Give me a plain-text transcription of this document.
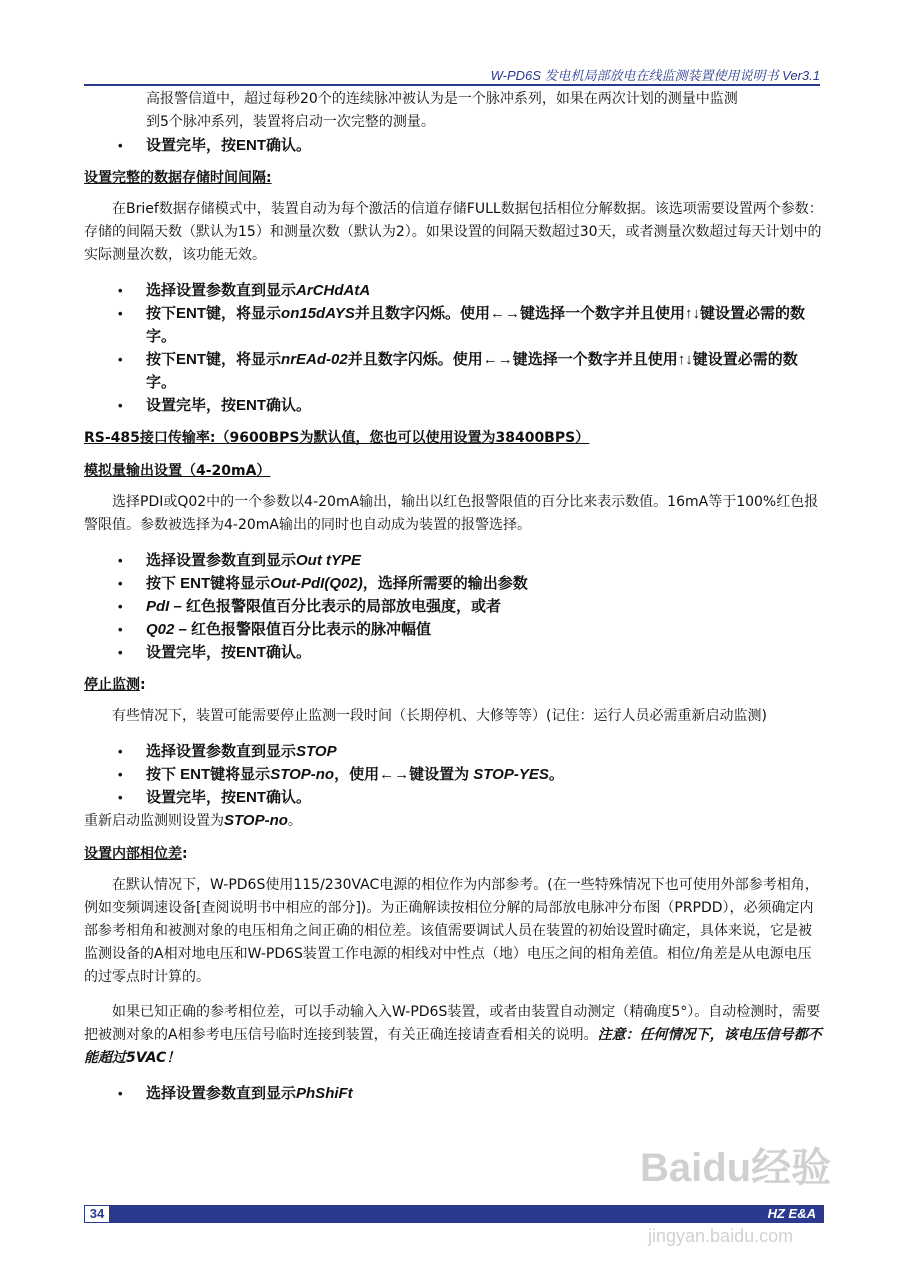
W-PD6S 发电机局部放电在线监测装置使用说明书 Ver3.1

高报警信道中，超过每秒20个的连续脉冲被认为是一个脉冲系列，如果在两次计划的测量中监测

到5个脉冲系列，装置将启动一次完整的测量。

• 设置完毕，按ENT确认。

设置完整的数据存储时间间隔:

在Brief数据存储模式中，装置自动为每个激活的信道存储FULL数据包括相位分解数据。该选项需要设置两个参数：存储的间隔天数（默认为15）和测量次数（默认为2）。如果设置的间隔天数超过30天，或者测量次数超过每天计划中的实际测量次数，该功能无效。

• 选择设置参数直到显示ArCHdAtA
• 按下ENT键，将显示on15dAYS并且数字闪烁。使用←→键选择一个数字并且使用↑↓键设置必需的数字。
• 按下ENT键，将显示nrEAd-02并且数字闪烁。使用←→键选择一个数字并且使用↑↓键设置必需的数字。
• 设置完毕，按ENT确认。

RS-485接口传输率:（9600BPS为默认值，您也可以使用设置为38400BPS）

模拟量输出设置（4-20mA）

选择PDI或Q02中的一个参数以4-20mA输出，输出以红色报警限值的百分比来表示数值。16mA等于100%红色报警限值。参数被选择为4-20mA输出的同时也自动成为装置的报警选择。

• 选择设置参数直到显示Out tYPE
• 按下 ENT键将显示Out-PdI(Q02)，选择所需要的输出参数
• PdI – 红色报警限值百分比表示的局部放电强度，或者
• Q02 – 红色报警限值百分比表示的脉冲幅值
• 设置完毕，按ENT确认。

停止监测:

有些情况下，装置可能需要停止监测一段时间（长期停机、大修等等）(记住：运行人员必需重新启动监测)

• 选择设置参数直到显示STOP
• 按下 ENT键将显示STOP-no，使用←→键设置为 STOP-YES。
• 设置完毕，按ENT确认。

重新启动监测则设置为STOP-no。

设置内部相位差:

在默认情况下，W-PD6S使用115/230VAC电源的相位作为内部参考。(在一些特殊情况下也可使用外部参考相角，例如变频调速设备[查阅说明书中相应的部分])。为正确解读按相位分解的局部放电脉冲分布图（PRPDD），必须确定内部参考相角和被测对象的电压相角之间正确的相位差。该值需要调试人员在装置的初始设置时确定，具体来说，它是被监测设备的A相对地电压和W-PD6S装置工作电源的相线对中性点（地）电压之间的相角差值。相位/角差是从电源电压的过零点时计算的。

如果已知正确的参考相位差，可以手动输入入W-PD6S装置，或者由装置自动测定（精确度5°）。自动检测时，需要把被测对象的A相参考电压信号临时连接到装置，有关正确连接请查看相关的说明。注意：任何情况下，该电压信号都不能超过5VAC！

• 选择设置参数直到显示PhShiFt
Baidu经验
jingyan.baidu.com
34	HZ E&A
